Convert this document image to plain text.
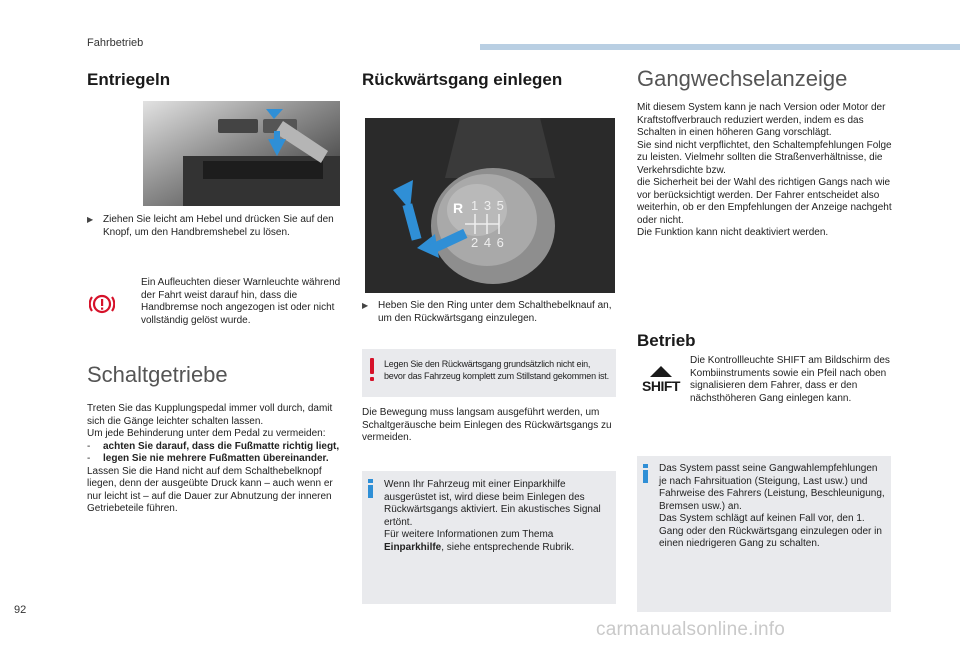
Fahrbetrieb
Entriegeln
▶ Ziehen Sie leicht am Hebel und drücken Sie auf den Knopf, um den Handbremshebel zu lösen.
Ein Aufleuchten dieser Warnleuchte während der Fahrt weist darauf hin, dass die Handbremse noch angezogen ist oder nicht vollständig gelöst wurde.
Schaltgetriebe
Treten Sie das Kupplungspedal immer voll durch, damit sich die Gänge leichter schalten lassen.
Um jede Behinderung unter dem Pedal zu vermeiden:
- achten Sie darauf, dass die Fußmatte richtig liegt,
- legen Sie nie mehrere Fußmatten übereinander.
Lassen Sie die Hand nicht auf dem Schalthebelknopf liegen, denn der ausgeübte Druck kann – auch wenn er nur leicht ist – auf die Dauer zur Abnutzung der inneren Getriebeteile führen.
Rückwärtsgang einlegen
R 1 3 5
2 4 6
▶ Heben Sie den Ring unter dem Schalthebelknauf an, um den Rückwärtsgang einzulegen.
Legen Sie den Rückwärtsgang grundsätzlich nicht ein, bevor das Fahrzeug komplett zum Stillstand gekommen ist.
Die Bewegung muss langsam ausgeführt werden, um Schaltgeräusche beim Einlegen des Rückwärtsgangs zu vermeiden.
Wenn Ihr Fahrzeug mit einer Einparkhilfe ausgerüstet ist, wird diese beim Einlegen des Rückwärtsgangs aktiviert. Ein akustisches Signal ertönt.
Für weitere Informationen zum Thema
Einparkhilfe, siehe entsprechende Rubrik.
Gangwechselanzeige
Mit diesem System kann je nach Version oder Motor der Kraftstoffverbrauch reduziert werden, indem es das Schalten in einen höheren Gang vorschlägt.
Sie sind nicht verpflichtet, den Schaltempfehlungen Folge zu leisten. Vielmehr sollten die Straßenverhältnisse, die Verkehrsdichte bzw.
die Sicherheit bei der Wahl des richtigen Gangs nach wie vor berücksichtigt werden. Der Fahrer entscheidet also weiterhin, ob er den Empfehlungen der Anzeige nachgeht oder nicht.
Die Funktion kann nicht deaktiviert werden.
Betrieb
SHIFT
Die Kontrollleuchte SHIFT am Bildschirm des Kombiinstruments sowie ein Pfeil nach oben signalisieren dem Fahrer, dass er den nächsthöheren Gang einlegen kann.
Das System passt seine Gangwahlempfehlungen je nach Fahrsituation (Steigung, Last usw.) und Fahrweise des Fahrers (Leistung, Beschleunigung, Bremsen usw.) an.
Das System schlägt auf keinen Fall vor, den 1. Gang oder den Rückwärtsgang einzulegen oder in einen niedrigeren Gang zu schalten.
92
carmanualsonline.info
